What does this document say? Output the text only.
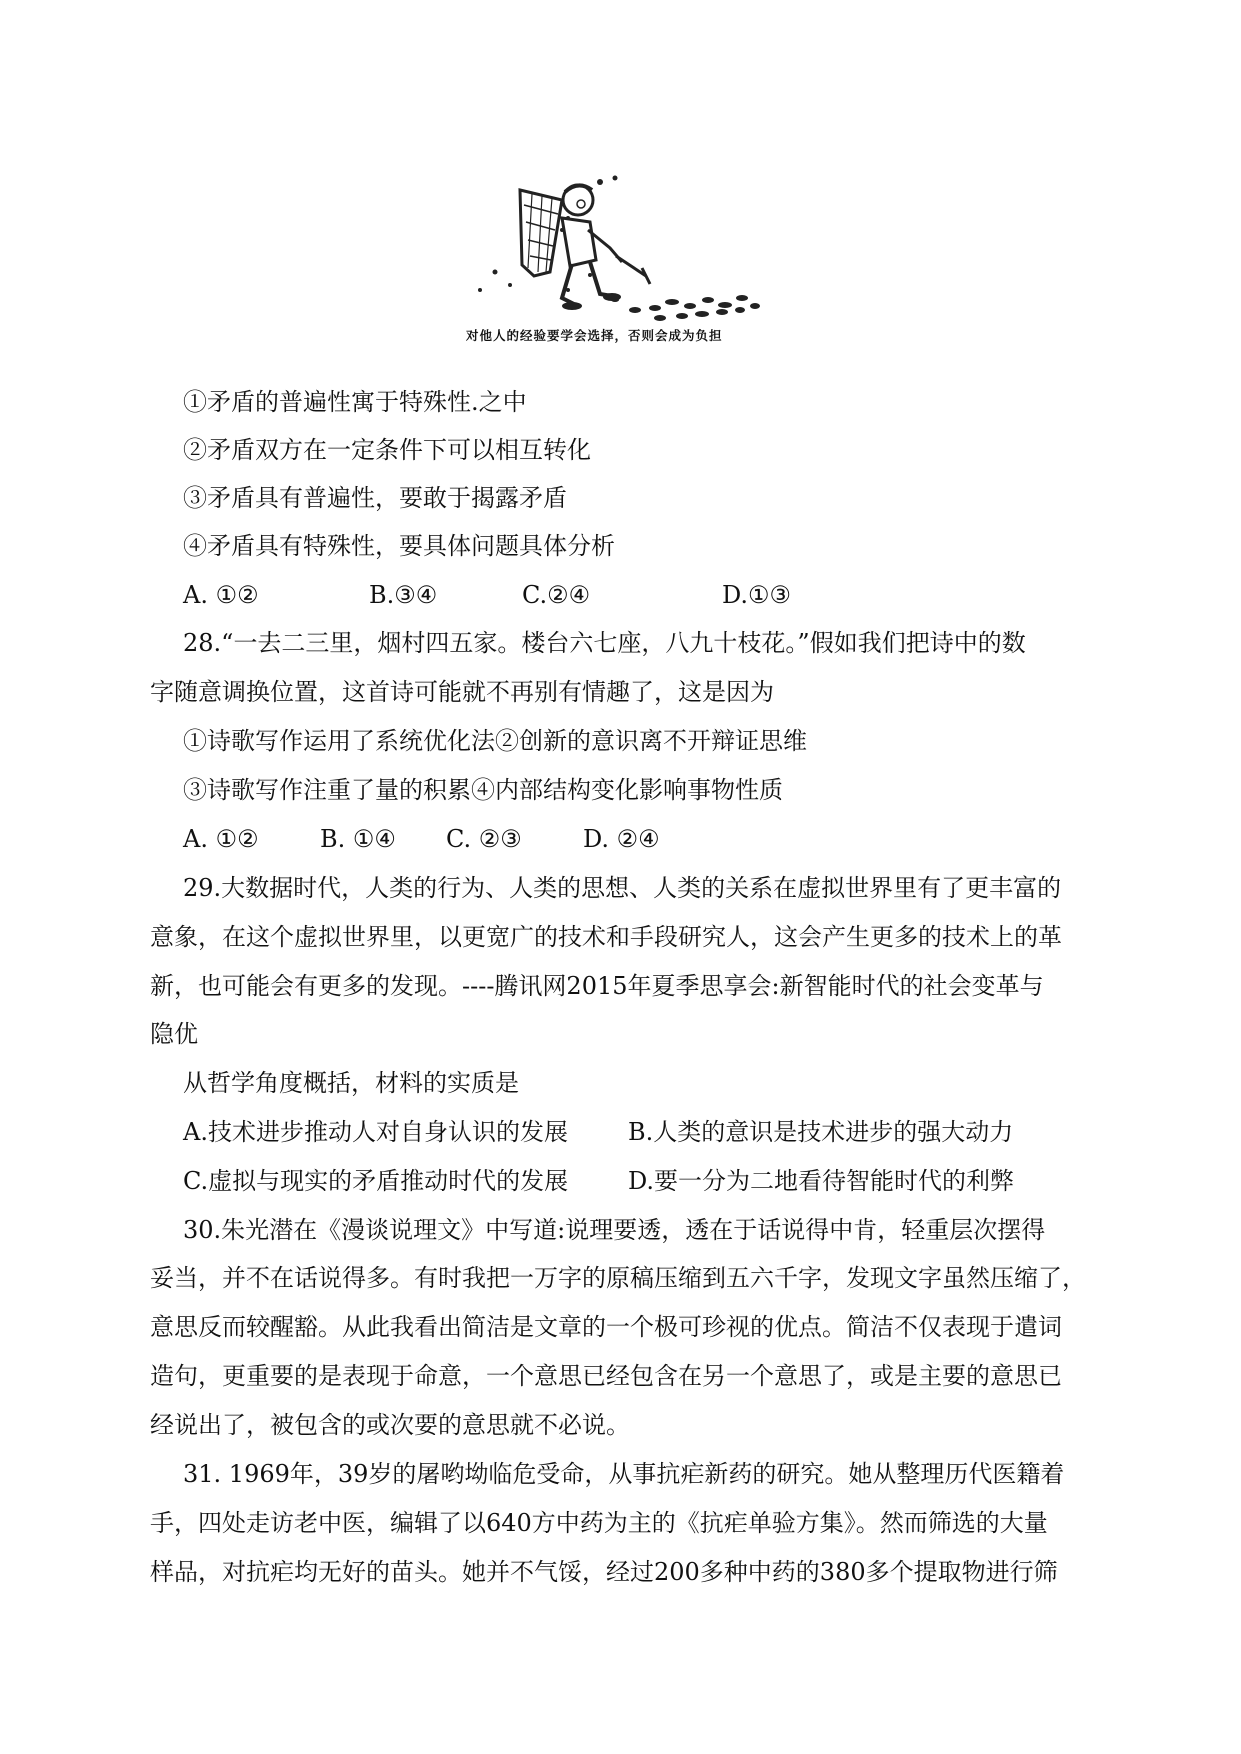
对他人的经验要学会选择，否则会成为负担
①矛盾的普遍性寓于特殊性.之中
②矛盾双方在一定条件下可以相互转化
③矛盾具有普遍性，要敢于揭露矛盾
④矛盾具有特殊性，要具体问题具体分析
A. ①②	B.③④	C.②④	D.①③
28.“一去二三里，烟村四五家。楼台六七座，八九十枝花。”假如我们把诗中的数
字随意调换位置，这首诗可能就不再别有情趣了，这是因为
①诗歌写作运用了系统优化法②创新的意识离不开辩证思维
③诗歌写作注重了量的积累④内部结构变化影响事物性质
A. ①②	B. ①④ C. ②③	D. ②④
29.大数据时代，人类的行为、人类的思想、人类的关系在虚拟世界里有了更丰富的
意象，在这个虚拟世界里，以更宽广的技术和手段研究人，这会产生更多的技术上的革
新，也可能会有更多的发现。----腾讯网2015年夏季思享会:新智能时代的社会变革与
隐优
从哲学角度概括，材料的实质是
A.技术进步推动人对自身认识的发展	B.人类的意识是技术进步的强大动力
C.虚拟与现实的矛盾推动时代的发展 D.要一分为二地看待智能时代的利弊
30.朱光潜在《漫谈说理文》中写道:说理要透，透在于话说得中肯，轻重层次摆得
妥当，并不在话说得多。有时我把一万字的原稿压缩到五六千字，发现文字虽然压缩了，
意思反而较醒豁。从此我看出简洁是文章的一个极可珍视的优点。简洁不仅表现于遣词
造句，更重要的是表现于命意，一个意思已经包含在另一个意思了，或是主要的意思已
经说出了，被包含的或次要的意思就不必说。
31. 1969年，39岁的屠哟坳临危受命，从事抗疟新药的研究。她从整理历代医籍着
手，四处走访老中医，编辑了以640方中药为主的《抗疟单验方集》。然而筛选的大量
样品，对抗疟均无好的苗头。她并不气馁，经过200多种中药的380多个提取物进行筛
